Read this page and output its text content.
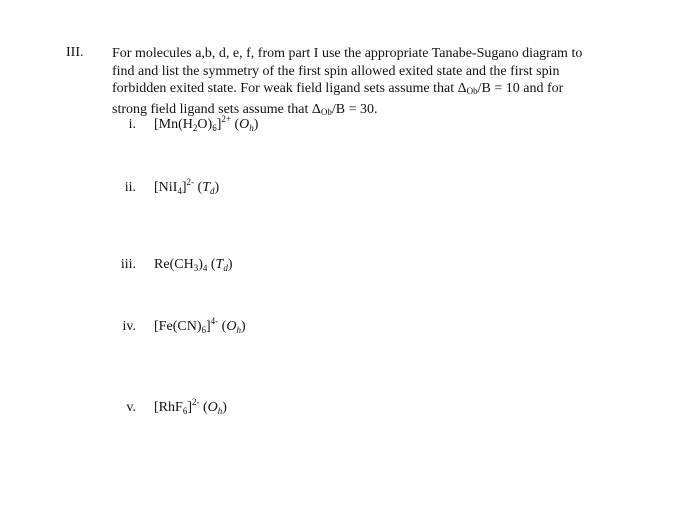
III. For molecules a,b, d, e, f, from part I use the appropriate Tanabe-Sugano diagram to
find and list the symmetry of the first spin allowed exited state and the first spin
forbidden exited state. For weak field ligand sets assume that ΔOb/B = 10 and for
strong field ligand sets assume that ΔOb/B = 30.
i. $[Mn(H_2O)_6]^{2+}$ $(O_h)$
ii. $[NiI_4]^{2-}$ $(T_d)$
iii. $Re(CH_3)_4$ $(T_d)$
iv. $[Fe(CN)_6]^{4-}$ $(O_h)$
v. $[RhF_6]^{2-}$ $(O_h)$
